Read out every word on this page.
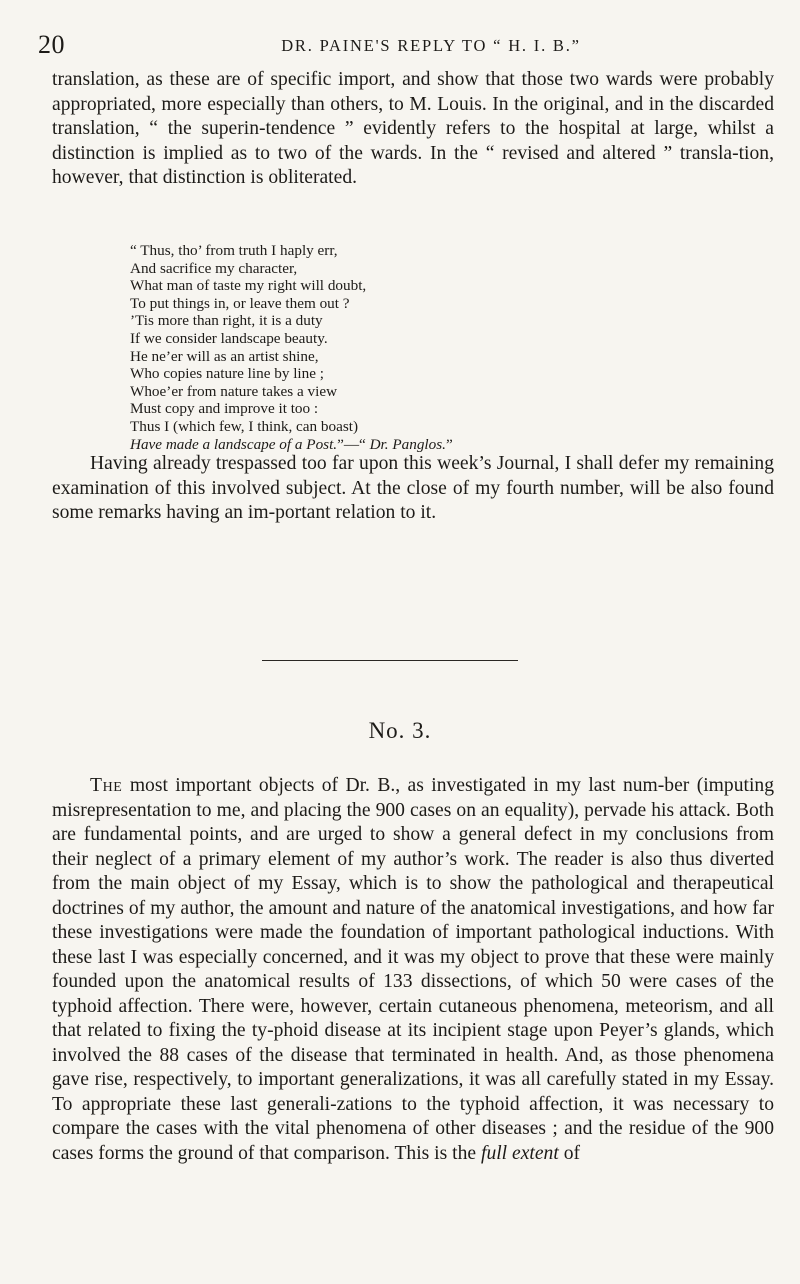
20	DR. PAINE'S REPLY TO “ H. I. B.”
translation, as these are of specific import, and show that those two wards were probably appropriated, more especially than others, to M. Louis. In the original, and in the discarded translation, “ the superin-tendence ” evidently refers to the hospital at large, whilst a distinction is implied as to two of the wards. In the “ revised and altered ” transla-tion, however, that distinction is obliterated.
“ Thus, tho’ from truth I haply err,
And sacrifice my character,
What man of taste my right will doubt,
To put things in, or leave them out ?
’Tis more than right, it is a duty
If we consider landscape beauty.
He ne’er will as an artist shine,
Who copies nature line by line ;
Whoe’er from nature takes a view
Must copy and improve it too :
Thus I (which few, I think, can boast)
Have made a landscape of a Post.”—“ Dr. Panglos.”
Having already trespassed too far upon this week’s Journal, I shall defer my remaining examination of this involved subject. At the close of my fourth number, will be also found some remarks having an im-portant relation to it.
No. 3.
The most important objects of Dr. B., as investigated in my last num-ber (imputing misrepresentation to me, and placing the 900 cases on an equality), pervade his attack. Both are fundamental points, and are urged to show a general defect in my conclusions from their neglect of a primary element of my author’s work. The reader is also thus diverted from the main object of my Essay, which is to show the pathological and therapeutical doctrines of my author, the amount and nature of the anatomical investigations, and how far these investigations were made the foundation of important pathological inductions. With these last I was especially concerned, and it was my object to prove that these were mainly founded upon the anatomical results of 133 dissections, of which 50 were cases of the typhoid affection. There were, however, certain cutaneous phenomena, meteorism, and all that related to fixing the ty-phoid disease at its incipient stage upon Peyer’s glands, which involved the 88 cases of the disease that terminated in health. And, as those phenomena gave rise, respectively, to important generalizations, it was all carefully stated in my Essay. To appropriate these last generali-zations to the typhoid affection, it was necessary to compare the cases with the vital phenomena of other diseases ; and the residue of the 900 cases forms the ground of that comparison. This is the full extent of
